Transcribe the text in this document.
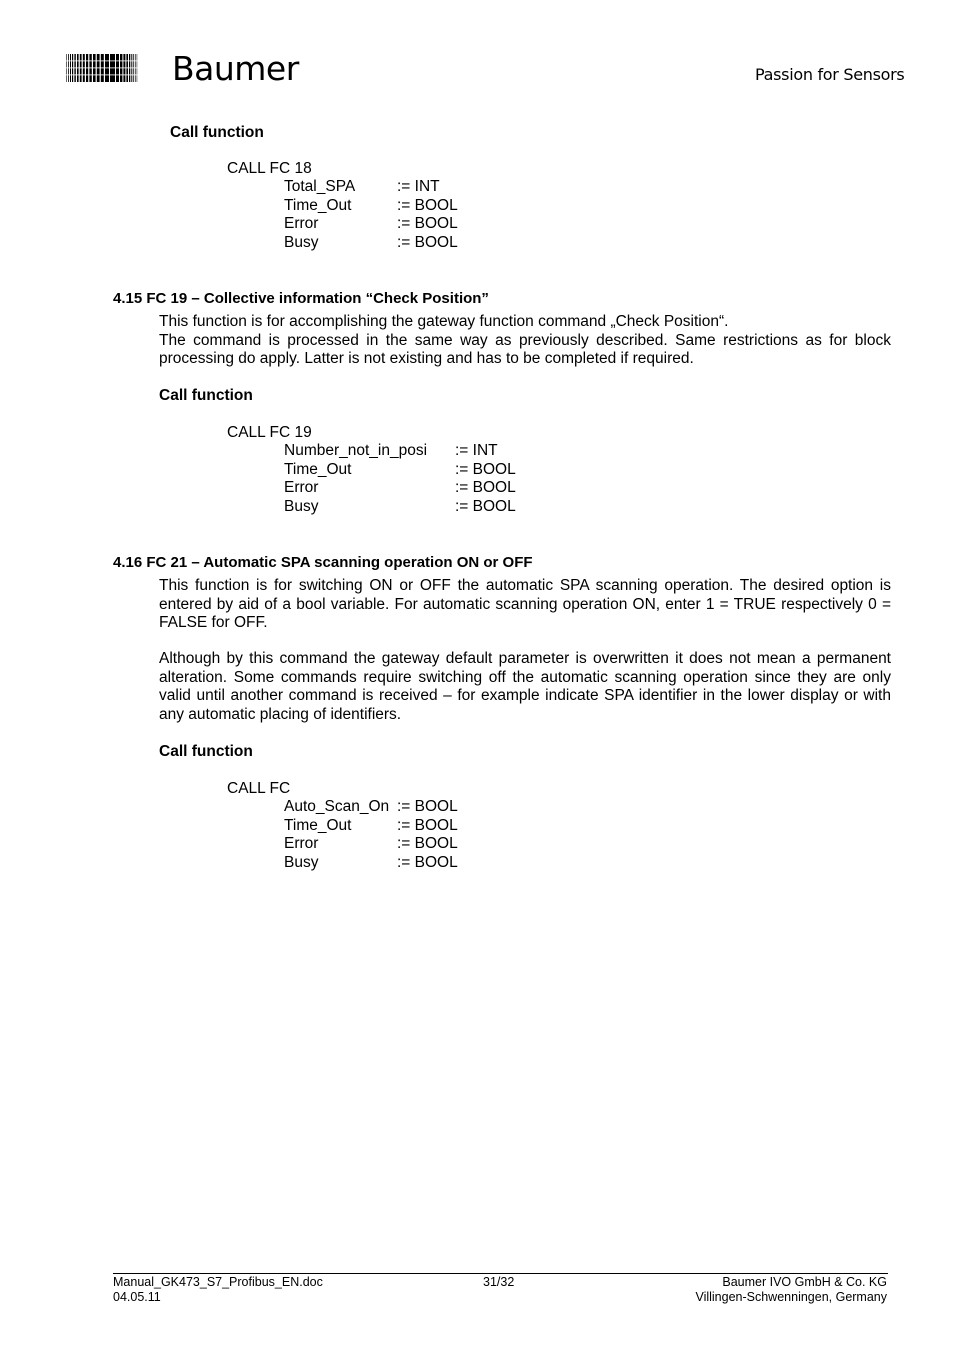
Baumer	Passion for Sensors
Call function
CALL FC 18
Total_SPA	:= INT
Time_Out	:= BOOL
Error	:= BOOL
Busy	:= BOOL
4.15 FC 19 – Collective information “Check Position”

This function is for accomplishing the gateway function command „Check Position“.

The command is processed in the same way as previously described. Same restrictions as for block processing do apply. Latter is not existing and has to be completed if required.

Call function
CALL FC 19
Number_not_in_posi := INT
Time_Out	:= BOOL
Error	:= BOOL
Busy	:= BOOL
4.16 FC 21 – Automatic SPA scanning operation ON or OFF

This function is for switching ON or OFF the automatic SPA scanning operation. The desired option is entered by aid of a bool variable. For automatic scanning operation ON, enter 1 = TRUE respectively 0 = FALSE for OFF.

Although by this command the gateway default parameter is overwritten it does not mean a permanent alteration. Some commands require switching off the automatic scanning operation since they are only valid until another command is received – for example indicate SPA identifier in the lower display or with any automatic placing of identifiers.

Call function
CALL FC
Auto_Scan_On := BOOL
Time_Out	:= BOOL
Error	:= BOOL
Busy	:= BOOL
Manual_GK473_S7_Profibus_EN.doc
04.05.11
31/32	Baumer IVO GmbH & Co. KG
Villingen-Schwenningen, Germany
